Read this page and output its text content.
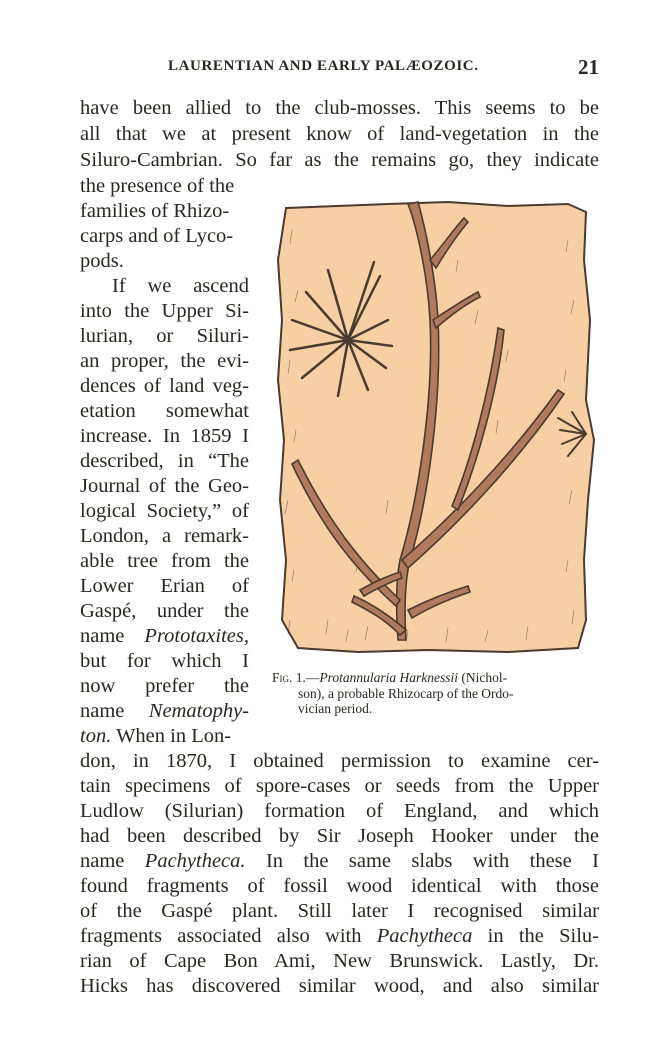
LAURENTIAN AND EARLY PALÆOZOIC.	21
have been allied to the club-mosses. This seems to be
all that we at present know of land-vegetation in the
Siluro-Cambrian. So far as the remains go, they indicate
the presence of the
families of Rhizo-
carps and of Lyco-
pods.
If we ascend
into the Upper Si-
lurian, or Siluri-
an proper, the evi-
dences of land veg-
etation somewhat
increase. In 1859 I
described, in “The
Journal of the Geo-
logical Society,” of
London, a remark-
able tree from the
Lower Erian of
Gaspé, under the
name Prototaxites,
but for which I
now prefer the
name Nematophy-
ton. When in Lon-
don, in 1870, I obtained permission to examine cer-
tain specimens of spore-cases or seeds from the Upper
Ludlow (Silurian) formation of England, and which
had been described by Sir Joseph Hooker under the
name Pachytheca. In the same slabs with these I
found fragments of fossil wood identical with those
of the Gaspé plant. Still later I recognised similar
fragments associated also with Pachytheca in the Silu-
rian of Cape Bon Ami, New Brunswick. Lastly, Dr.
Hicks has discovered similar wood, and also similar
Fig. 1.—Protannularia Harknessii (Nichol-
son), a probable Rhizocarp of the Ordo-
vician period.
